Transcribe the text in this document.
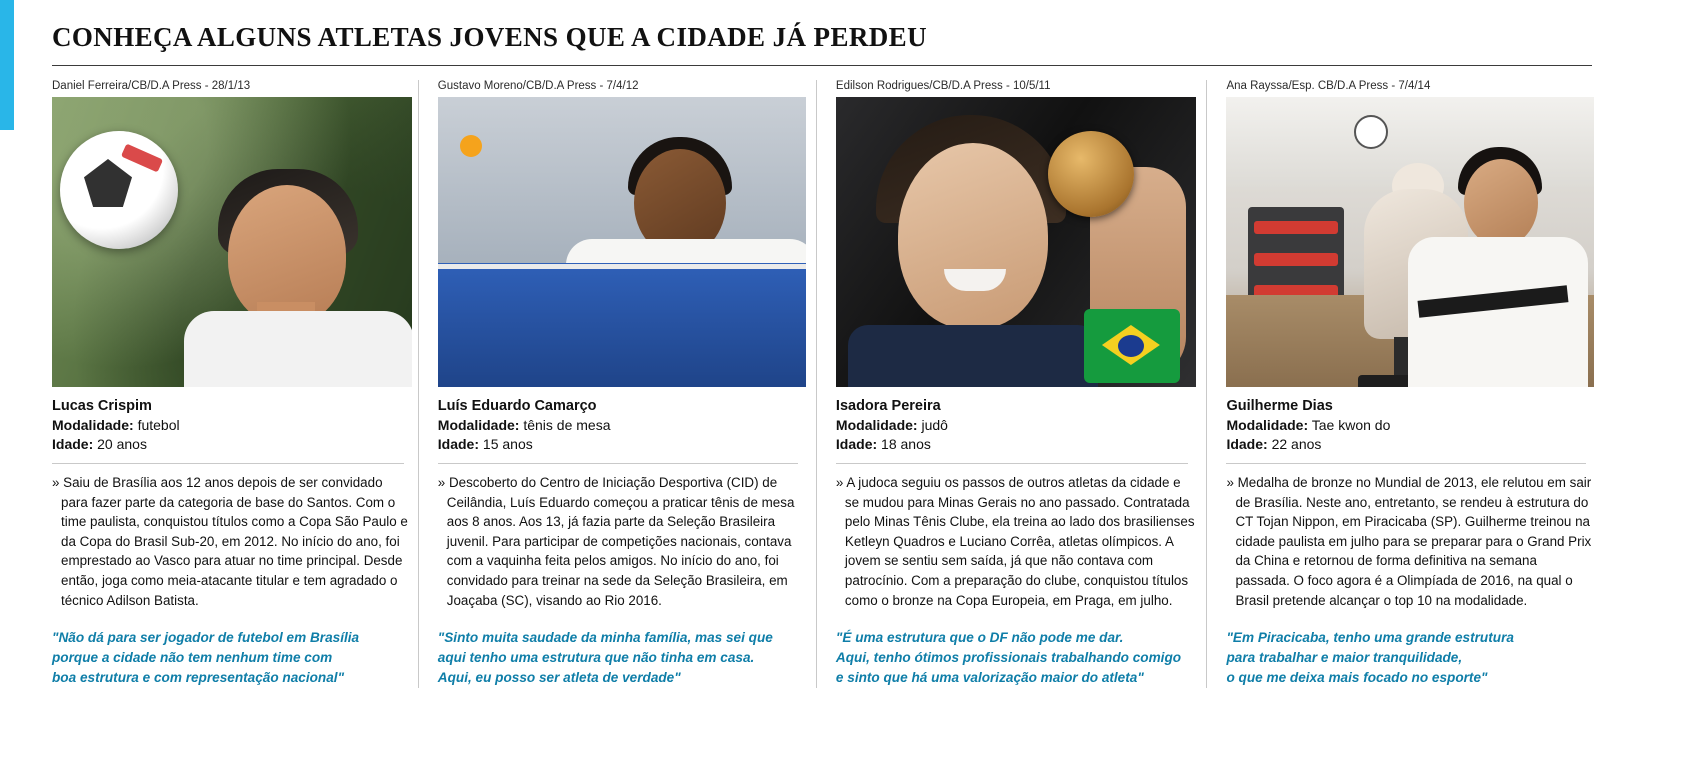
CONHEÇA ALGUNS ATLETAS JOVENS QUE A CIDADE JÁ PERDEU
Daniel Ferreira/CB/D.A Press - 28/1/13
Lucas Crispim
Modalidade: futebol
Idade: 20 anos
» Saiu de Brasília aos 12 anos depois de ser convidado para fazer parte da categoria de base do Santos. Com o time paulista, conquistou títulos como a Copa São Paulo e da Copa do Brasil Sub-20, em 2012. No início do ano, foi emprestado ao Vasco para atuar no time principal. Desde então, joga como meia-atacante titular e tem agradado o técnico Adilson Batista.
"Não dá para ser jogador de futebol em Brasília
porque a cidade não tem nenhum time com
boa estrutura e com representação nacional"
Gustavo Moreno/CB/D.A Press - 7/4/12
Luís Eduardo Camarço
Modalidade: tênis de mesa
Idade: 15 anos
» Descoberto do Centro de Iniciação Desportiva (CID) de Ceilândia, Luís Eduardo começou a praticar tênis de mesa aos 8 anos. Aos 13, já fazia parte da Seleção Brasileira juvenil. Para participar de competições nacionais, contava com a vaquinha feita pelos amigos. No início do ano, foi convidado para treinar na sede da Seleção Brasileira, em Joaçaba (SC), visando ao Rio 2016.
"Sinto muita saudade da minha família, mas sei que
aqui tenho uma estrutura que não tinha em casa.
Aqui, eu posso ser atleta de verdade"
Edilson Rodrigues/CB/D.A Press - 10/5/11
Isadora Pereira
Modalidade: judô
Idade: 18 anos
» A judoca seguiu os passos de outros atletas da cidade e se mudou para Minas Gerais no ano passado. Contratada pelo Minas Tênis Clube, ela treina ao lado dos brasilienses Ketleyn Quadros e Luciano Corrêa, atletas olímpicos. A jovem se sentiu sem saída, já que não contava com patrocínio. Com a preparação do clube, conquistou títulos como o bronze na Copa Europeia, em Praga, em julho.
"É uma estrutura que o DF não pode me dar.
Aqui, tenho ótimos profissionais trabalhando comigo
e sinto que há uma valorização maior do atleta"
Ana Rayssa/Esp. CB/D.A Press - 7/4/14
Guilherme Dias
Modalidade: Tae kwon do
Idade: 22 anos
» Medalha de bronze no Mundial de 2013, ele relutou em sair de Brasília. Neste ano, entretanto, se rendeu à estrutura do CT Tojan Nippon, em Piracicaba (SP). Guilherme treinou na cidade paulista em julho para se preparar para o Grand Prix da China e retornou de forma definitiva na semana passada. O foco agora é a Olimpíada de 2016, na qual o Brasil pretende alcançar o top 10 na modalidade.
"Em Piracicaba, tenho uma grande estrutura
para trabalhar e maior tranquilidade,
o que me deixa mais focado no esporte"
